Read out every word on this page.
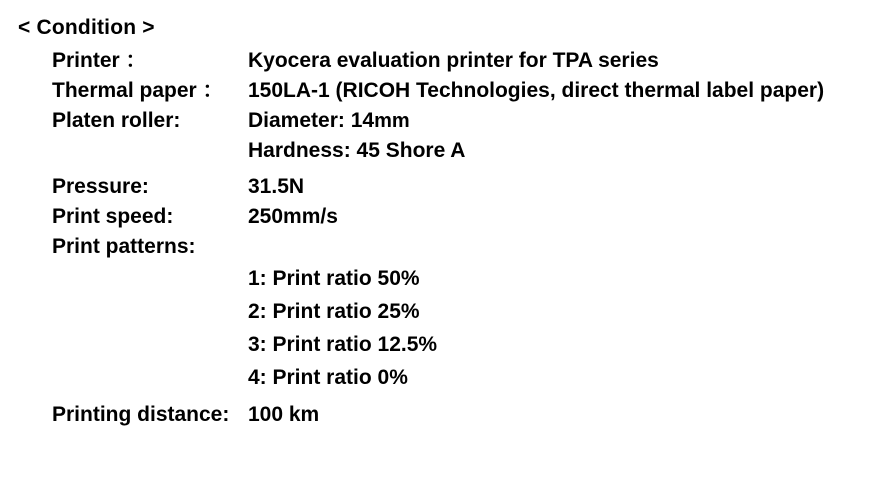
< Condition >
Printer ：	Kyocera evaluation printer for TPA series
Thermal paper ：	150LA-1 (RICOH Technologies, direct thermal label paper)
Platen roller:	Diameter: 14mm
	Hardness: 45 Shore A

Pressure:	31.5N
Print speed:	250mm/s
Print patterns:	
	1: Print ratio 50%
	2: Print ratio 25%
	3: Print ratio 12.5%
	4: Print ratio 0%

Printing distance:	100 km
